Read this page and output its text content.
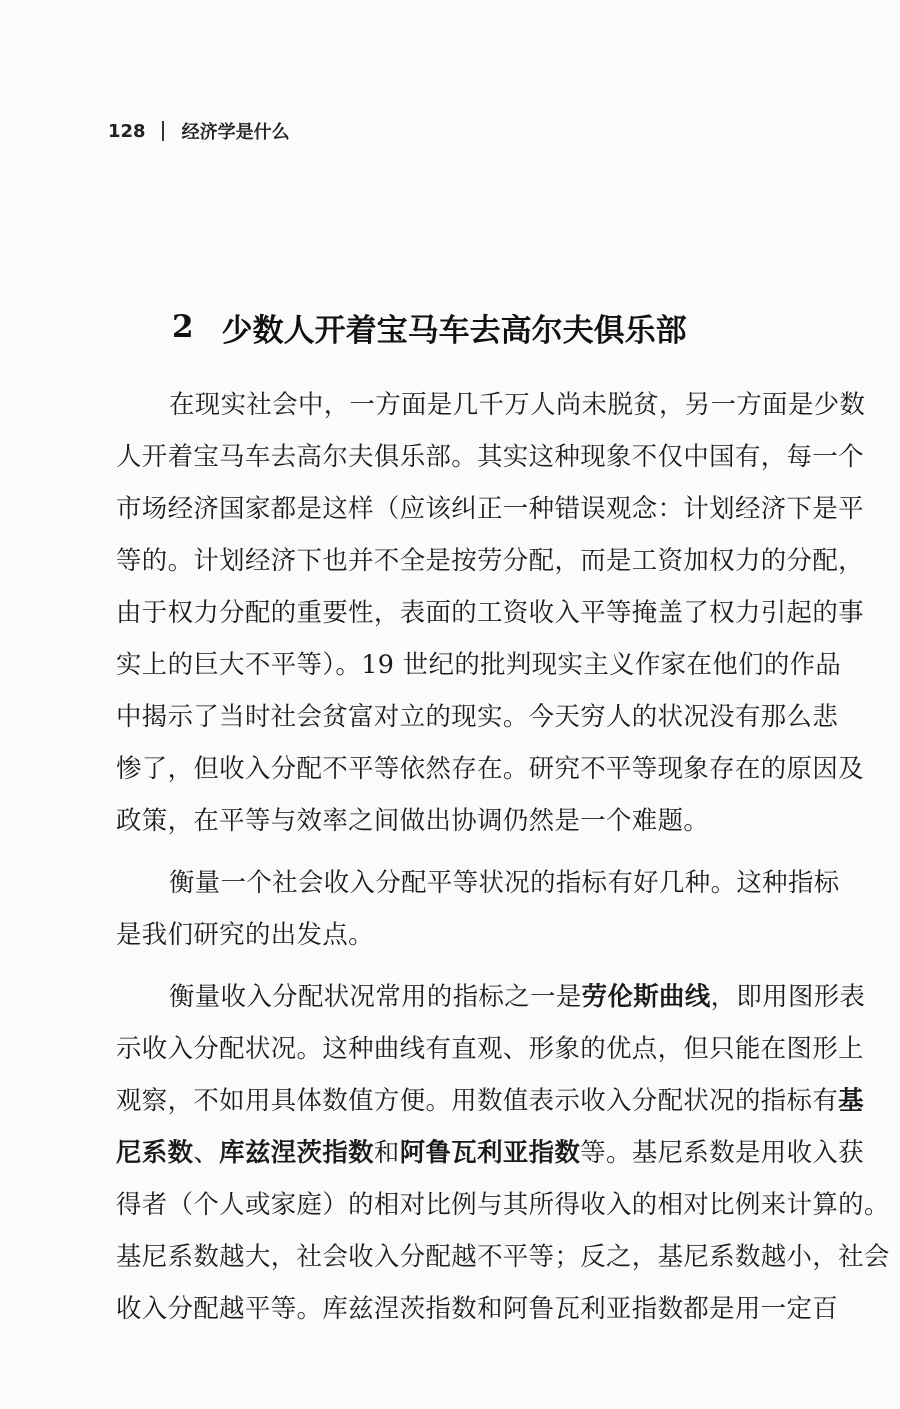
128 经济学是什么
2 少数人开着宝马车去高尔夫俱乐部
在现实社会中，一方面是几千万人尚未脱贫，另一方面是少数
人开着宝马车去高尔夫俱乐部。其实这种现象不仅中国有，每一个
市场经济国家都是这样（应该纠正一种错误观念：计划经济下是平
等的。计划经济下也并不全是按劳分配，而是工资加权力的分配，
由于权力分配的重要性，表面的工资收入平等掩盖了权力引起的事
实上的巨大不平等）。19 世纪的批判现实主义作家在他们的作品
中揭示了当时社会贫富对立的现实。今天穷人的状况没有那么悲
惨了，但收入分配不平等依然存在。研究不平等现象存在的原因及
政策，在平等与效率之间做出协调仍然是一个难题。
衡量一个社会收入分配平等状况的指标有好几种。这种指标
是我们研究的出发点。
衡量收入分配状况常用的指标之一是劳伦斯曲线，即用图形表
示收入分配状况。这种曲线有直观、形象的优点，但只能在图形上
观察，不如用具体数值方便。用数值表示收入分配状况的指标有基
尼系数、库兹涅茨指数和阿鲁瓦利亚指数等。基尼系数是用收入获
得者（个人或家庭）的相对比例与其所得收入的相对比例来计算的。
基尼系数越大，社会收入分配越不平等；反之，基尼系数越小，社会
收入分配越平等。库兹涅茨指数和阿鲁瓦利亚指数都是用一定百
